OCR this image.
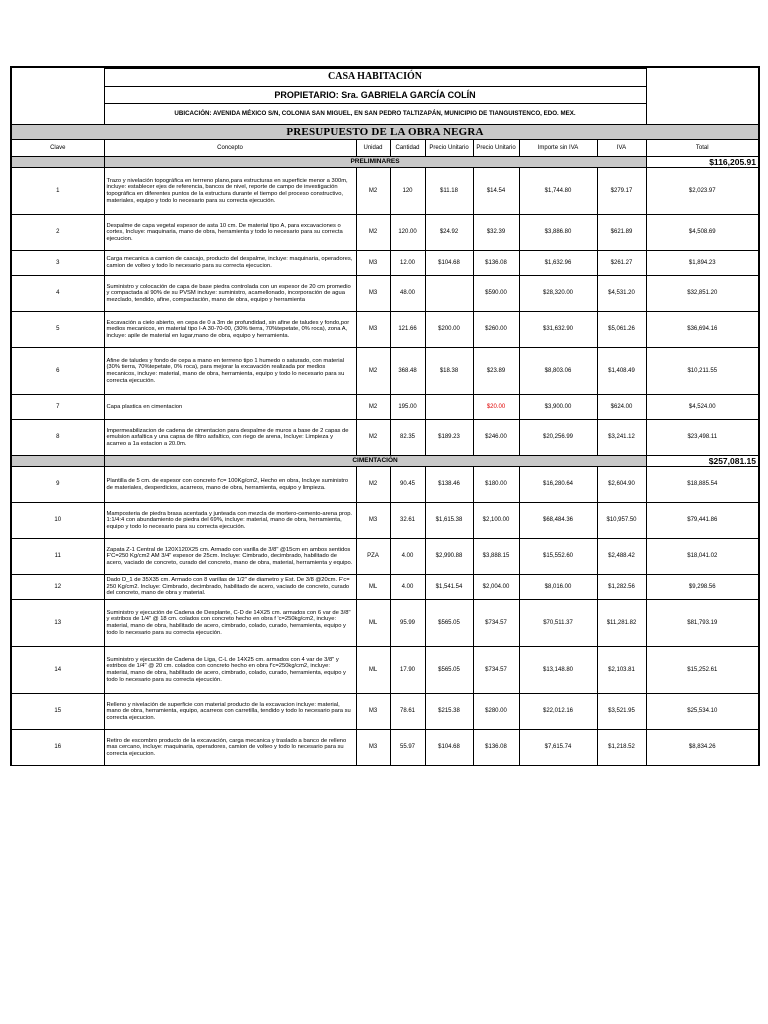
	CASA HABITACIÓN							
	PROPIETARIO: Sra. GABRIELA GARCÍA COLÍN							
	UBICACIÓN: AVENIDA MÉXICO S/N, COLONIA SAN MIGUEL, EN SAN PEDRO TALTIZAPÁN, MUNICIPIO DE TIANGUISTENCO, EDO. MEX.							
PRESUPUESTO DE LA OBRA NEGRA								
Clave	Concepto	Unidad	Cantidad	Precio Unitario	Precio Unitario	Importe sin IVA	IVA	Total
	PRELIMINARES							$116,205.91
1	Trazo y nivelación topográfica en terrreno plano,para estructuras en superficie menor a 300m, incluye: establecer ejes de referencia, bancos de nivel, reporte de campo de investigación topográfica en diferentes puntos de la estructura durante el tiempo del proceso constructivo, materiales, equipo y todo lo necesario para su correcta ejecución.	M2	120	$11.18	$14.54	$1,744.80	$279.17	$2,023.97
2	Despalme de capa vegetal espesor de asta 10 cm. De material tipo A, para excavaciones o cortes, Incluye: maquinaria, mano de obra, herramienta y todo lo necesario para su correcta ejecucion.	M2	120.00	$24.92	$32.39	$3,886.80	$621.89	$4,508.69
3	Carga mecanica a camion de cascajo, producto del despalme, incluye: maquinaria, operadores, camion de volteo y todo lo necesario para su correcta ejecucion.	M3	12.00	$104.68	$136.08	$1,632.96	$261.27	$1,894.23
4	Suministro y colocación de capa de base piedra controlada con un espesor de 20 cm promedio y compactada al 90% de su PVSM incluye: suministro, acamellonado, incorporación de agua mezclado, tendido, afine, compactación, mano de obra, equipo y herramienta	M3	48.00		$590.00	$28,320.00	$4,531.20	$32,851.20
5	Excavación a cielo abierto, en cepa de 0 a 3m de profundidad, sin afine de taludes y fondo,por medios mecanicos, en material tipo I-A 30-70-00, (30% tierra, 70%tepetate, 0% roca), zona A, incluye: apile de material en lugar,mano de obra, equipo y herramienta.	M3	121.66	$200.00	$260.00	$31,632.90	$5,061.26	$36,694.16
6	Afine de taludes y fondo de cepa a mano en terrreno tipo 1 humedo o saturado, con material (30% tierra, 70%tepetate, 0% roca), para mejorar la excavación realizada por medios mecanicos, incluye: material, mano de obra, herramienta, equipo y todo lo necesario para su correcta ejecución.	M2	368.48	$18.38	$23.89	$8,803.06	$1,408.49	$10,211.55
7	Capa plastica en cimentacion	M2	195.00		$20.00	$3,900.00	$624.00	$4,524.00
8	Impermeabilizacion de cadena de cimentacion para despalme de muros a base de 2 capas de emulsion asfaltica y una capsa de filtro asfaltico, con riego de arena, Incluye: Limpieza y acarreo a 1a estacion a 20.0m.	M2	82.35	$189.23	$246.00	$20,256.99	$3,241.12	$23,498.11
	CIMENTACIÓN							$257,081.15
9	Plantilla de 5 cm. de espesor con concreto f'c= 100Kg/cm2, Hecho en obra, Incluye suministro de materiales, desperdicios, acarreos, mano de obra, herramienta, equipo y limpieza.	M2	90.45	$138.46	$180.00	$16,280.64	$2,604.90	$18,885.54
10	Mamposteria de piedra brasa acentada y junteada con mezcla de mortero-cemento-arena prop. 1:1/4:4 con abundamiento de piedra del 69%, incluye: material, mano de obra, herramienta, equipo y todo lo necesario para su correcta ejecución.	M3	32.61	$1,615.38	$2,100.00	$68,484.36	$10,957.50	$79,441.86
11	Zapata Z-1 Central de 120X120X25 cm. Armado con varilla de 3/8" @15cm en ambos sentidos F'C=250 Kg/cm2 AM 3/4" espesor de 25cm. Incluye: Cimbrado, decimbrado, habilitado de acero, vaciado de concreto, curado del concreto, mano de obra, material, herramienta y equipo.	PZA	4.00	$2,990.88	$3,888.15	$15,552.60	$2,488.42	$18,041.02
12	Dado D_1 de 35X35 cm. Armado con 8 varillas de 1/2" de diametro y Est. De 3/8 @20cm. F'c= 250 Kg/cm2. Incluye: Cimbrado, decimbrado, habilitado de acero, vaciado de concreto, curado del concreto, mano de obra y material.	ML	4.00	$1,541.54	$2,004.00	$8,016.00	$1,282.56	$9,298.56
13	Suministro y ejecución de Cadena de Desplante, C-D de 14X25 cm. armados con 6 var de 3/8" y estribos de 1/4" @ 18 cm. colados con concreto hecho en obra f 'c=250kg/cm2, incluye: material, mano de obra, habilitado de acero, cimbrado, colado, curado, herramienta, equipo y todo lo necesario para su correcta ejecución.	ML	95.99	$565.05	$734.57	$70,511.37	$11,281.82	$81,793.19
14	Suministro y ejecución de Cadena de Liga, C-L de 14X25 cm. armados con 4 var de 3/8" y estribos de 1/4" @ 20 cm. colados con concreto hecho en obra f'c=250kg/cm2, incluye: material, mano de obra, habilitado de acero, cimbrado, colado, curado, herramienta, equipo y todo lo necesario para su correcta ejecución.	ML	17.90	$565.05	$734.57	$13,148.80	$2,103.81	$15,252.61
15	Relleno y nivelación de superficie con material producto de la excavacion incluye: material, mano de obra, herramienta, equipo, acarreos con carretilla, tendido y todo lo necesario para su correcta ejecucion.	M3	78.61	$215.38	$280.00	$22,012.16	$3,521.95	$25,534.10
16	Retiro de escombro producto de la excavación, carga mecanica y traslado a banco de relleno mas cercano, incluye: maquinaria, operadores, camion de volteo y todo lo necesario para su correcta ejecucion.	M3	55.97	$104.68	$136.08	$7,615.74	$1,218.52	$8,834.26
